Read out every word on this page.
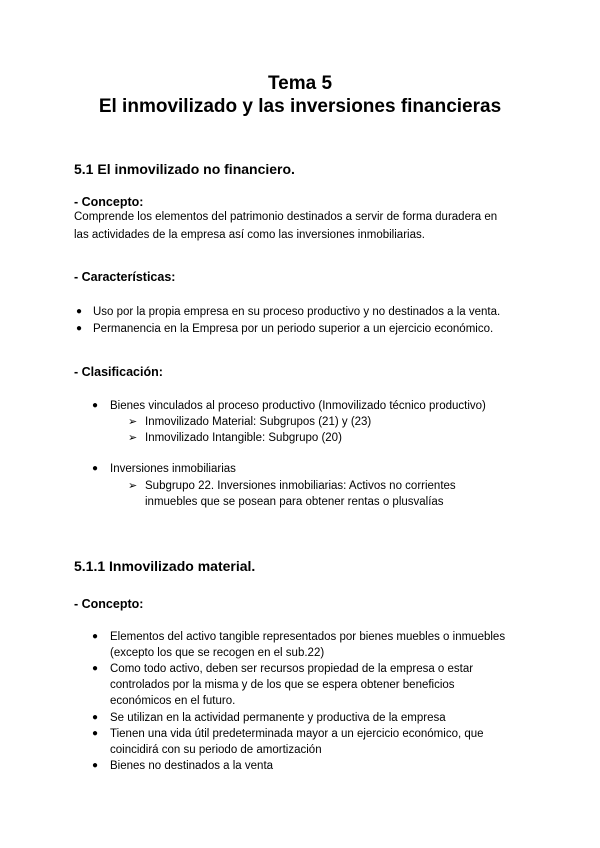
Tema 5
El inmovilizado y las inversiones financieras
5.1 El inmovilizado no financiero.
- Concepto:
Comprende los elementos del patrimonio destinados a servir de forma duradera en
las actividades de la empresa así como las inversiones inmobiliarias.
- Características:
● Uso por la propia empresa en su proceso productivo y no destinados a la venta.
● Permanencia en la Empresa por un periodo superior a un ejercicio económico.
- Clasificación:
● Bienes vinculados al proceso productivo (Inmovilizado técnico productivo)
➢ Inmovilizado Material: Subgrupos (21) y (23)
➢ Inmovilizado Intangible: Subgrupo (20)
● Inversiones inmobiliarias
➢ Subgrupo 22. Inversiones inmobiliarias: Activos no corrientes
inmuebles que se posean para obtener rentas o plusvalías
5.1.1 Inmovilizado material.
- Concepto:
● Elementos del activo tangible representados por bienes muebles o inmuebles
(excepto los que se recogen en el sub.22)
● Como todo activo, deben ser recursos propiedad de la empresa o estar
controlados por la misma y de los que se espera obtener beneficios
económicos en el futuro.
● Se utilizan en la actividad permanente y productiva de la empresa
● Tienen una vida útil predeterminada mayor a un ejercicio económico, que
coincidirá con su periodo de amortización
● Bienes no destinados a la venta
